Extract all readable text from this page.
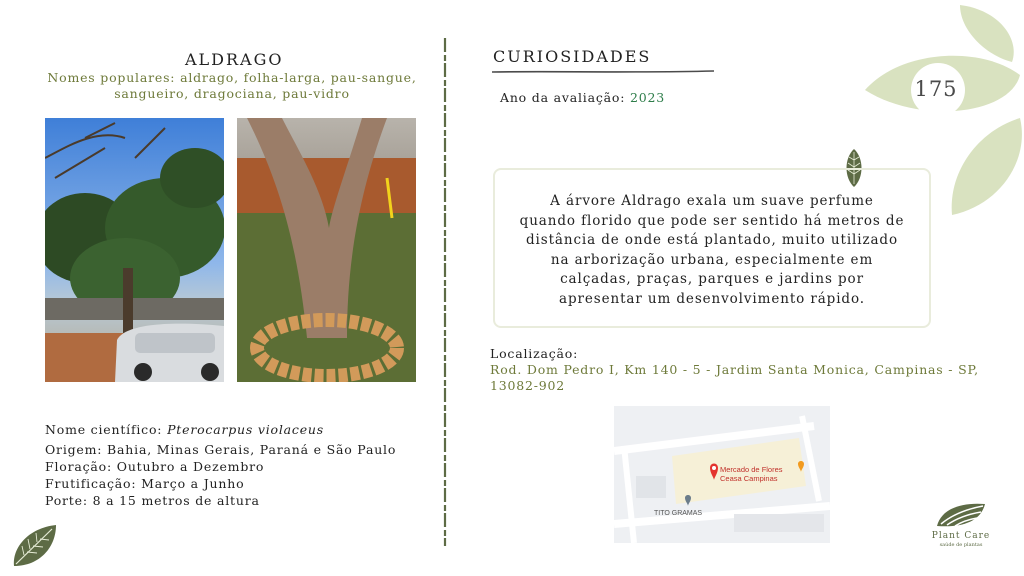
175
ALDRAGO
Nomes populares: aldrago, folha-larga, pau-sangue,
sangueiro, dragociana, pau-vidro
Nome científico: Pterocarpus violaceus
Origem: Bahia, Minas Gerais, Paraná e São Paulo
Floração: Outubro a Dezembro
Frutificação: Março a Junho
Porte: 8 a 15 metros de altura
CURIOSIDADES
Ano da avaliação: 2023
A árvore Aldrago exala um suave perfume
quando florido que pode ser sentido há metros de
distância de onde está plantado, muito utilizado
na arborização urbana, especialmente em
calçadas, praças, parques e jardins por
apresentar um desenvolvimento rápido.
Localização:
Rod. Dom Pedro I, Km 140 - 5 - Jardim Santa Monica, Campinas - SP,
13082-902
Mercado de Flores
Ceasa Campinas
TITO GRAMAS
Plant Care
saúde de plantas
